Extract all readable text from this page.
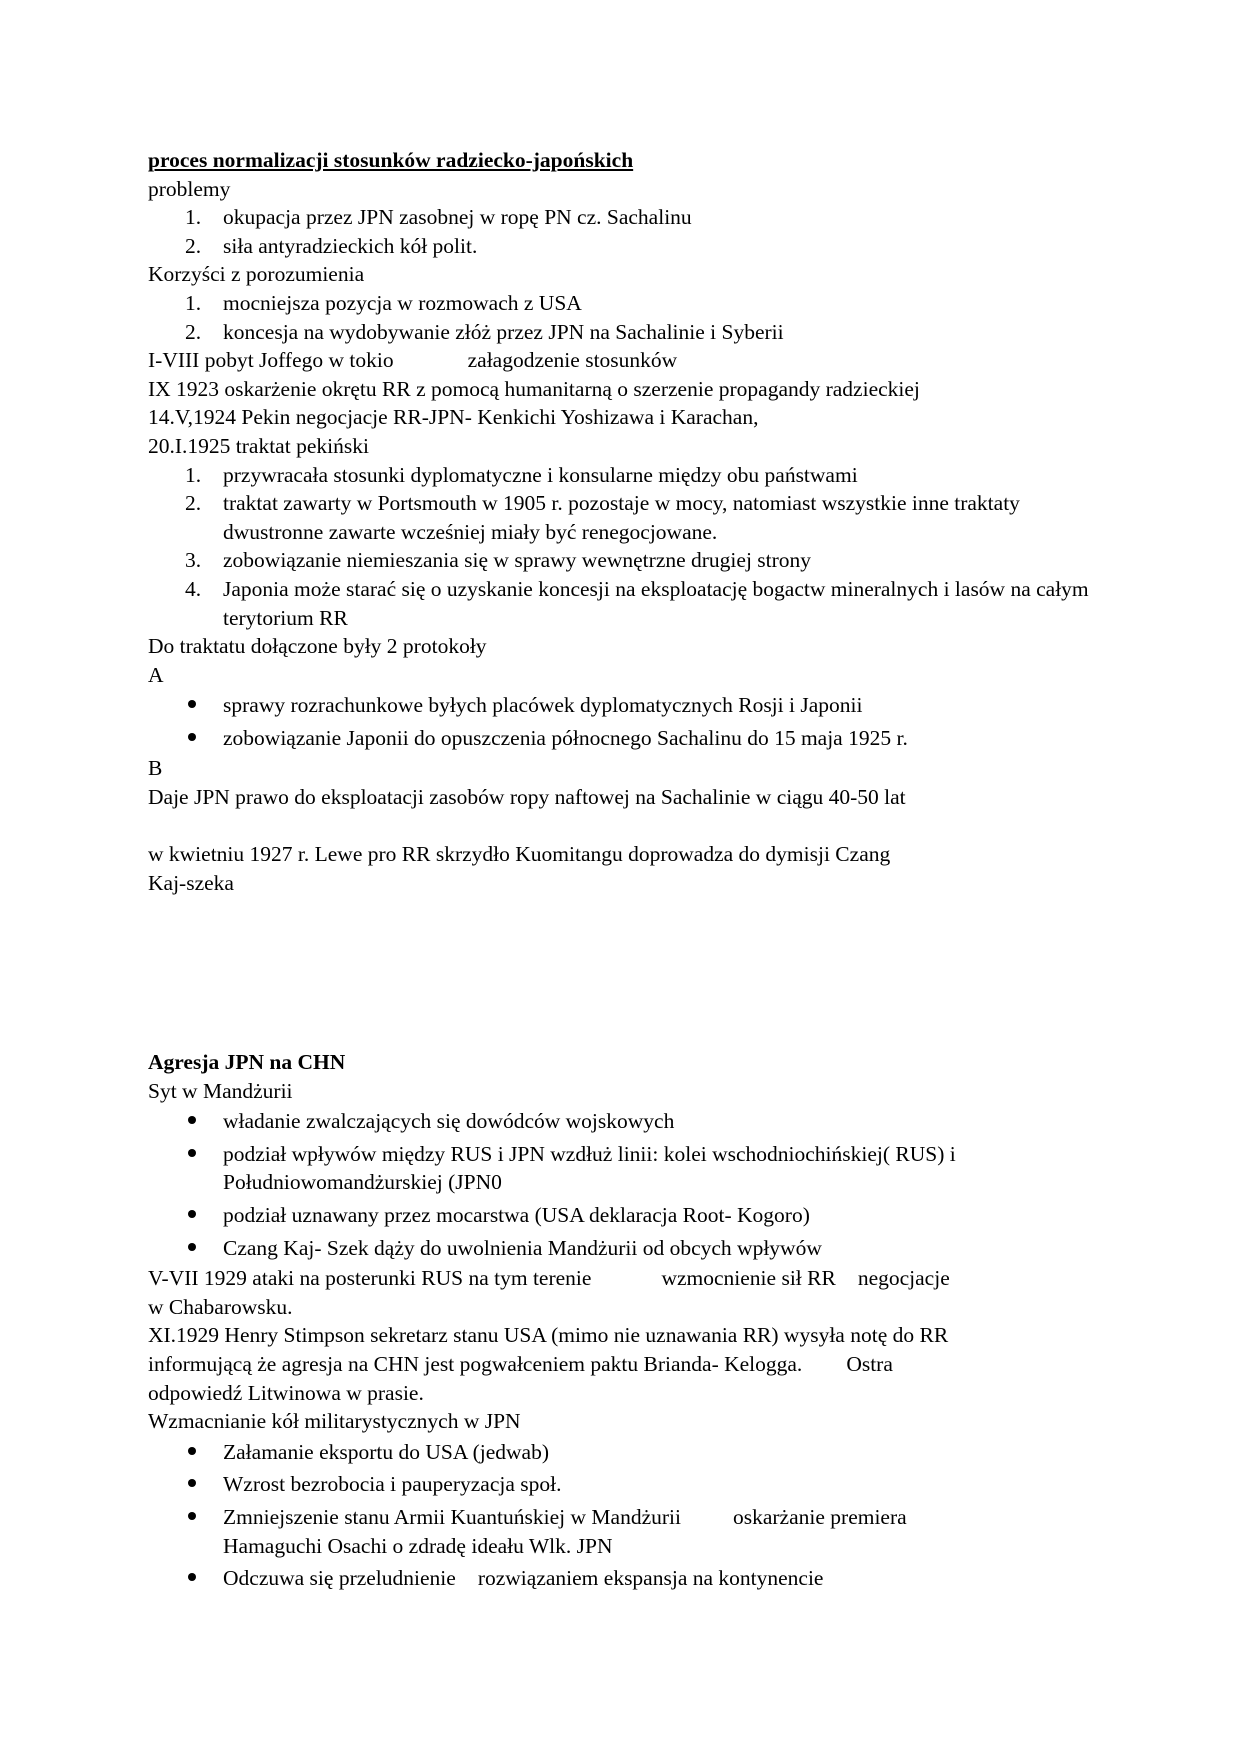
proces normalizacji stosunków radziecko-japońskich
problemy
1. okupacja przez JPN zasobnej w ropę PN cz. Sachalinu
2. siła antyradzieckich kół polit.
Korzyści z porozumienia
1. mocniejsza pozycja w rozmowach z USA
2. koncesja na wydobywanie złóż przez JPN na Sachalinie i Syberii
I-VIII pobyt Joffego w tokio	załagodzenie stosunków
IX 1923 oskarżenie okrętu RR z pomocą humanitarną o szerzenie propagandy radzieckiej
14.V,1924 Pekin negocjacje RR-JPN- Kenkichi Yoshizawa i Karachan,
20.I.1925 traktat pekiński
1. przywracała stosunki dyplomatyczne i konsularne między obu państwami
2. traktat zawarty w Portsmouth w 1905 r. pozostaje w mocy, natomiast wszystkie inne traktaty dwustronne zawarte wcześniej miały być renegocjowane.
3. zobowiązanie niemieszania się w sprawy wewnętrzne drugiej strony
4. Japonia może starać się o uzyskanie koncesji na eksploatację bogactw mineralnych i lasów na całym terytorium RR
Do traktatu dołączone były 2 protokoły
A
sprawy rozrachunkowe byłych placówek dyplomatycznych Rosji i Japonii
zobowiązanie Japonii do opuszczenia północnego Sachalinu do 15 maja 1925 r.
B
Daje JPN prawo do eksploatacji zasobów ropy naftowej na Sachalinie w ciągu 40-50 lat
w kwietniu 1927 r. Lewe pro RR skrzydło Kuomitangu doprowadza do dymisji Czang
Kaj-szeka
Agresja JPN na CHN
Syt w Mandżurii
władanie zwalczających się dowódców wojskowych
podział wpływów między RUS i JPN wzdłuż linii: kolei wschodniochińskiej( RUS) i Południowomandżurskiej (JPN0
podział uznawany przez mocarstwa (USA deklaracja Root- Kogoro)
Czang Kaj- Szek dąży do uwolnienia Mandżurii od obcych wpływów
V-VII 1929 ataki na posterunki RUS na tym terenie	wzmocnienie sił RR negocjacje
w Chabarowsku.
XI.1929 Henry Stimpson sekretarz stanu USA (mimo nie uznawania RR) wysyła notę do RR
informującą że agresja na CHN jest pogwałceniem paktu Brianda- Kelogga. Ostra
odpowiedź Litwinowa w prasie.
Wzmacnianie kół militarystycznych w JPN
Załamanie eksportu do USA (jedwab)
Wzrost bezrobocia i pauperyzacja społ.
Zmniejszenie stanu Armii Kuantuńskiej w Mandżurii oskarżanie premiera
Hamaguchi Osachi o zdradę ideału Wlk. JPN
Odczuwa się przeludnienie rozwiązaniem ekspansja na kontynencie
